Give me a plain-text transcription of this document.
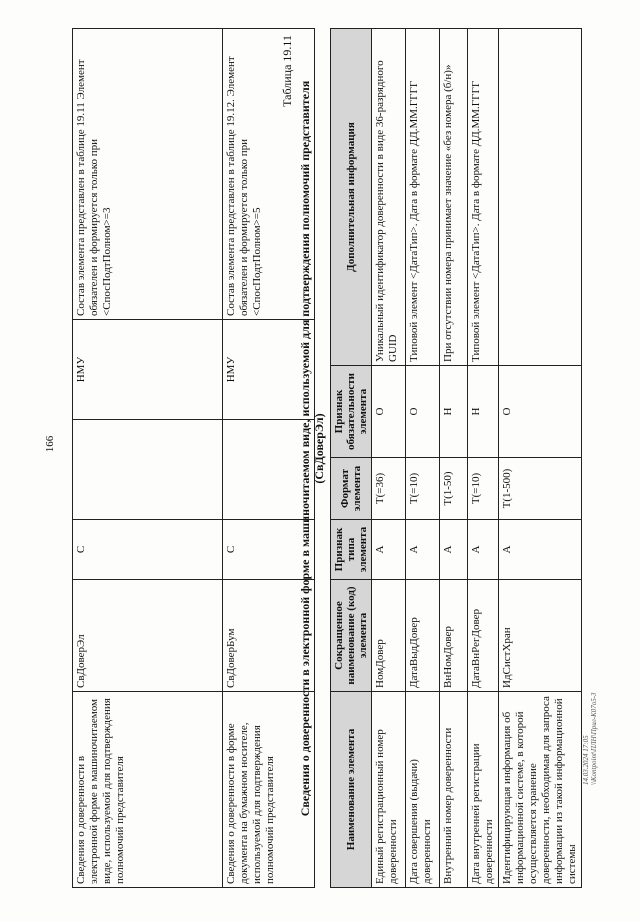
166
Сведения о доверенности в электронной форме в машиночитаемом виде, используемой для подтверждения полномочий представителя	СвДоверЭл	С		НМУ	Состав элемента представлен в таблице 19.11 Элемент обязателен и формируется только при <СпосПодтПолном>=3
Сведения о доверенности в форме документа на бумажном носителе, используемой для подтверждения полномочий представителя	СвДоверБум	С		НМУ	Состав элемента представлен в таблице 19.12. Элемент обязателен и формируется только при <СпосПодтПолном>=5
Таблица 19.11
Сведения о доверенности в электронной форме в машиночитаемом виде, используемой для подтверждения полномочий представителя (СвДоверЭл)
Наименование элемента	Сокращенное наименование (код) элемента	Признак типа элемента	Формат элемента	Признак обязательности элемента	Дополнительная информация
Единый регистрационный номер доверенности	НомДовер	А	Т(=36)	О	Уникальный идентификатор доверенности в виде 36-разрядного GUID
Дата совершения (выдачи) доверенности	ДатаВыдДовер	А	Т(=10)	О	Типовой элемент <ДатаТип>. Дата в формате ДД.ММ.ГГГГ
Внутренний номер доверенности	ВнНомДовер	А	Т(1-50)	Н	При отсутствии номера принимает значение «без номера (б/н)»
Дата внутренней регистрации доверенности	ДатаВнРегДовер	А	Т(=10)	Н	Типовой элемент <ДатаТип>. Дата в формате ДД.ММ.ГГГГ
Идентифицирующая информация об информационной системе, в которой осуществляется хранение доверенности, необходимая для запроса информации из такой информационной системы	ИдСистХран	А	Т(1-500)	О	
14.03.2024 17:05 \\Kontpoint\ПЛН\Прил-К07o5-3
